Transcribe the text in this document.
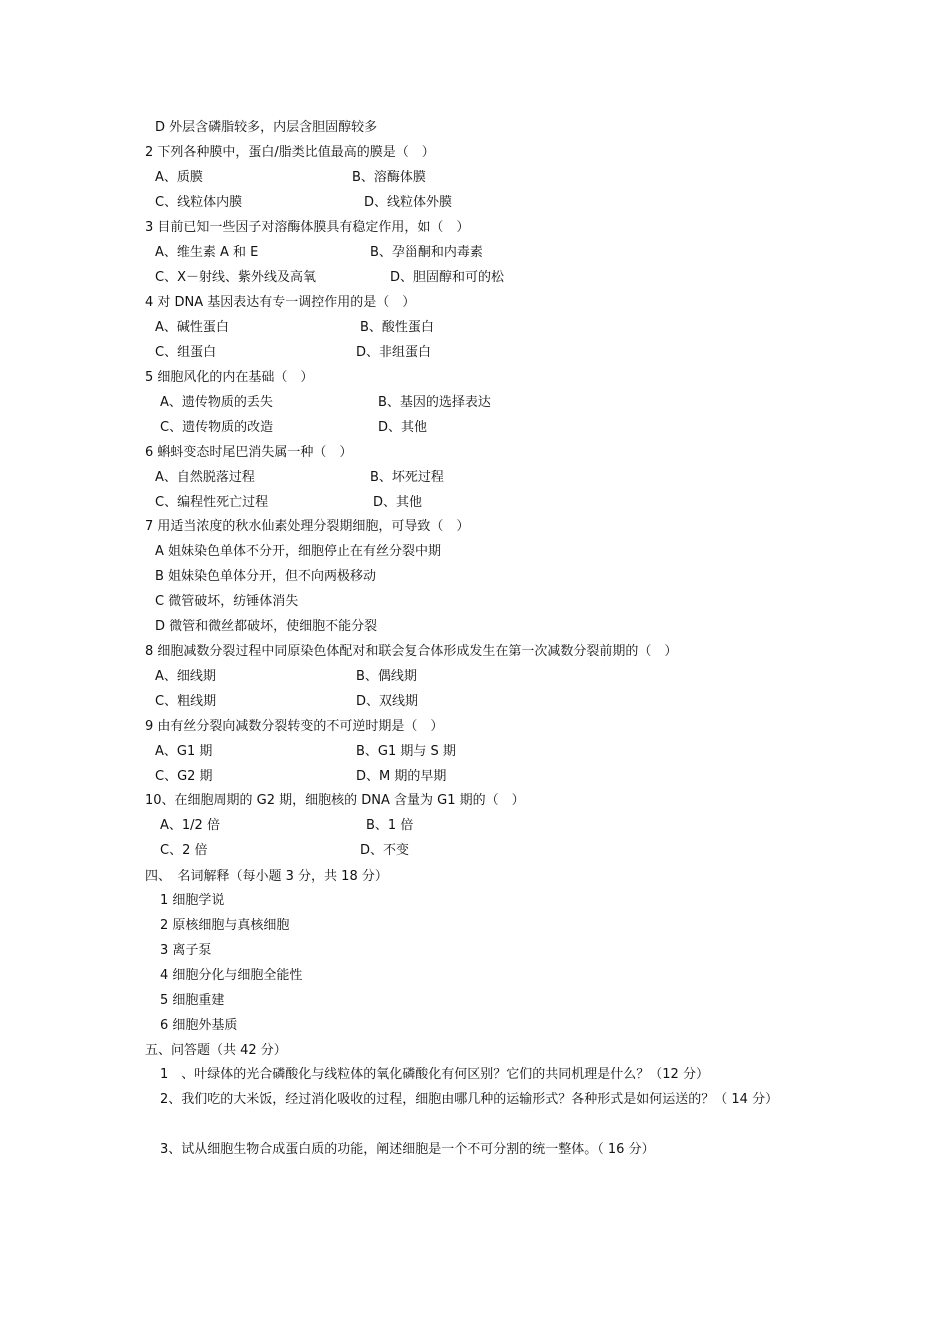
D 外层含磷脂较多，内层含胆固醇较多
2 下列各种膜中，蛋白/脂类比值最高的膜是（　）
A、质膜	B、溶酶体膜
C、线粒体内膜	D、线粒体外膜
3 目前已知一些因子对溶酶体膜具有稳定作用，如（　）
A、维生素 A 和 E	B、孕甾酮和内毒素
C、X－射线、紫外线及高氧	D、胆固醇和可的松
4 对 DNA 基因表达有专一调控作用的是（　）
A、碱性蛋白	B、酸性蛋白
C、组蛋白	D、非组蛋白
5 细胞风化的内在基础（　）
A、遗传物质的丢失	B、基因的选择表达
C、遗传物质的改造	D、其他
6 蝌蚪变态时尾巴消失属一种（　）
A、自然脱落过程	B、坏死过程
C、编程性死亡过程	D、其他
7 用适当浓度的秋水仙素处理分裂期细胞，可导致（　）
A 姐妹染色单体不分开，细胞停止在有丝分裂中期
B 姐妹染色单体分开，但不向两极移动
C 微管破坏，纺锤体消失
D 微管和微丝都破坏，使细胞不能分裂
8 细胞减数分裂过程中同原染色体配对和联会复合体形成发生在第一次减数分裂前期的（　）
A、细线期	B、偶线期
C、粗线期	D、双线期
9 由有丝分裂向减数分裂转变的不可逆时期是（　）
A、G1 期	B、G1 期与 S 期
C、G2 期	D、M 期的早期
10、在细胞周期的 G2 期，细胞核的 DNA 含量为 G1 期的（　）
A、1/2 倍	B、1 倍
C、2 倍	D、不变
四、　名词解释（每小题 3 分，共 18 分）
1 细胞学说
2 原核细胞与真核细胞
3 离子泵
4 细胞分化与细胞全能性
5 细胞重建
6 细胞外基质
五、问答题（共 42 分）
1　、叶绿体的光合磷酸化与线粒体的氧化磷酸化有何区别？它们的共同机理是什么？（12 分）
2、我们吃的大米饭，经过消化吸收的过程，细胞由哪几种的运输形式？各种形式是如何运送的？（ 14 分）
3、试从细胞生物合成蛋白质的功能，阐述细胞是一个不可分割的统一整体。（ 16 分）
